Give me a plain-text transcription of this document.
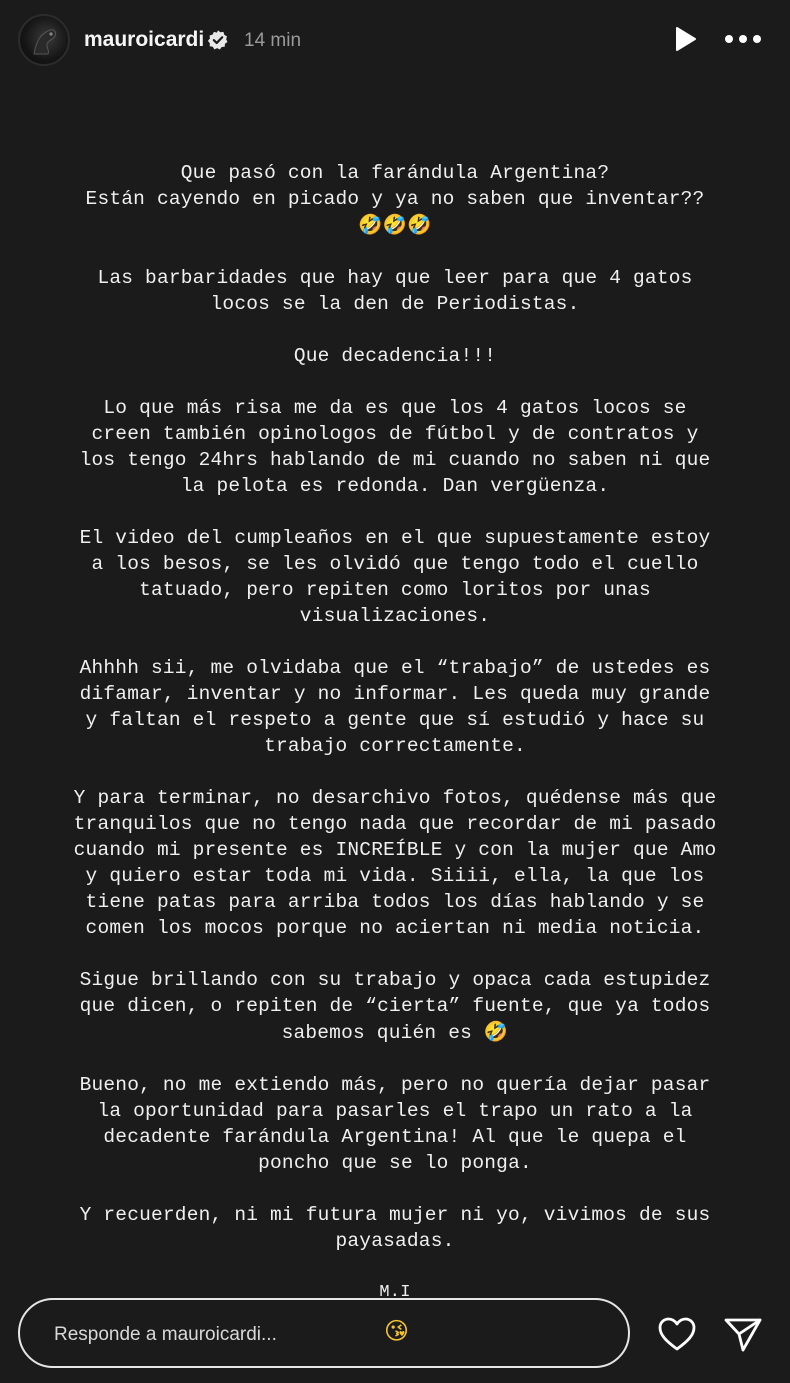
mauroicardi 14 min

Que pasó con la farándula Argentina?
Están cayendo en picado y ya no saben que inventar??

🤣🤣🤣

Las barbaridades que hay que leer para que 4 gatos
locos se la den de Periodistas.

Que decadencia!!!

Lo que más risa me da es que los 4 gatos locos se
creen también opinologos de fútbol y de contratos y
los tengo 24hrs hablando de mi cuando no saben ni que
la pelota es redonda. Dan vergüenza.

El video del cumpleaños en el que supuestamente estoy
a los besos, se les olvidó que tengo todo el cuello
tatuado, pero repiten como loritos por unas
visualizaciones.

Ahhhh sii, me olvidaba que el “trabajo” de ustedes es
difamar, inventar y no informar. Les queda muy grande
y faltan el respeto a gente que sí estudió y hace su
trabajo correctamente.

Y para terminar, no desarchivo fotos, quédense más que
tranquilos que no tengo nada que recordar de mi pasado
cuando mi presente es INCREÍBLE y con la mujer que Amo
y quiero estar toda mi vida. Siiii, ella, la que los
tiene patas para arriba todos los días hablando y se
comen los mocos porque no aciertan ni media noticia.

Sigue brillando con su trabajo y opaca cada estupidez
que dicen, o repiten de “cierta” fuente, que ya todos
sabemos quién es 🤣

Bueno, no me extiendo más, pero no quería dejar pasar
la oportunidad para pasarles el trapo un rato a la
decadente farándula Argentina! Al que le quepa el
poncho que se lo ponga.

Y recuerden, ni mi futura mujer ni yo, vivimos de sus
payasadas.

M.I

Responde a mauroicardi...	😘
